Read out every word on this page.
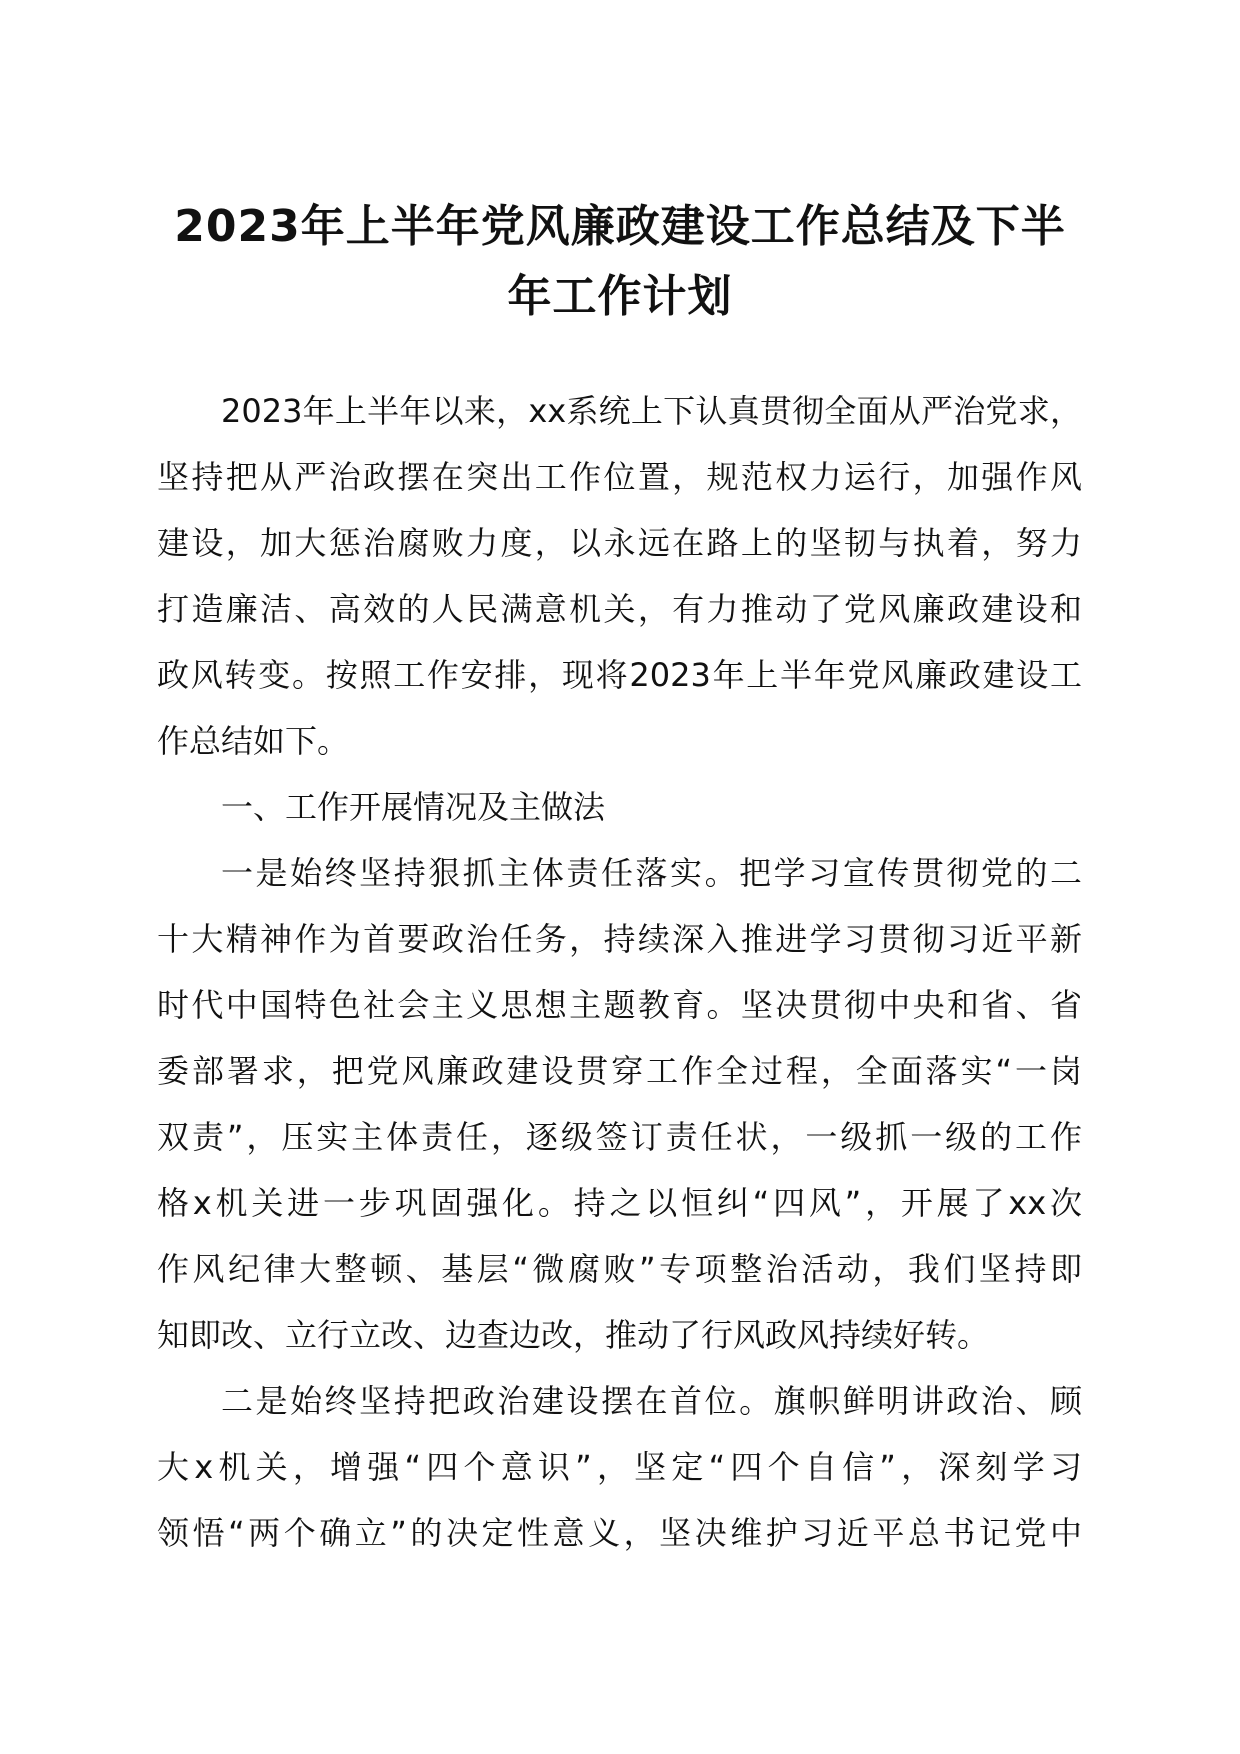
2023年上半年党风廉政建设工作总结及下半
年工作计划
2023年上半年以来，xx系统上下认真贯彻全面从严治党求，
坚持把从严治政摆在突出工作位置，规范权力运行，加强作风
建设，加大惩治腐败力度，以永远在路上的坚韧与执着，努力
打造廉洁、高效的人民满意机关，有力推动了党风廉政建设和
政风转变。按照工作安排，现将2023年上半年党风廉政建设工
作总结如下。
一、工作开展情况及主做法
一是始终坚持狠抓主体责任落实。把学习宣传贯彻党的二
十大精神作为首要政治任务，持续深入推进学习贯彻习近平新
时代中国特色社会主义思想主题教育。坚决贯彻中央和省、省
委部署求，把党风廉政建设贯穿工作全过程，全面落实“一岗
双责”，压实主体责任，逐级签订责任状，一级抓一级的工作
格x机关进一步巩固强化。持之以恒纠“四风”，开展了xx次
作风纪律大整顿、基层“微腐败”专项整治活动，我们坚持即
知即改、立行立改、边查边改，推动了行风政风持续好转。
二是始终坚持把政治建设摆在首位。旗帜鲜明讲政治、顾
大x机关，增强“四个意识”，坚定“四个自信”，深刻学习
领悟“两个确立”的决定性意义，坚决维护习近平总书记党中
